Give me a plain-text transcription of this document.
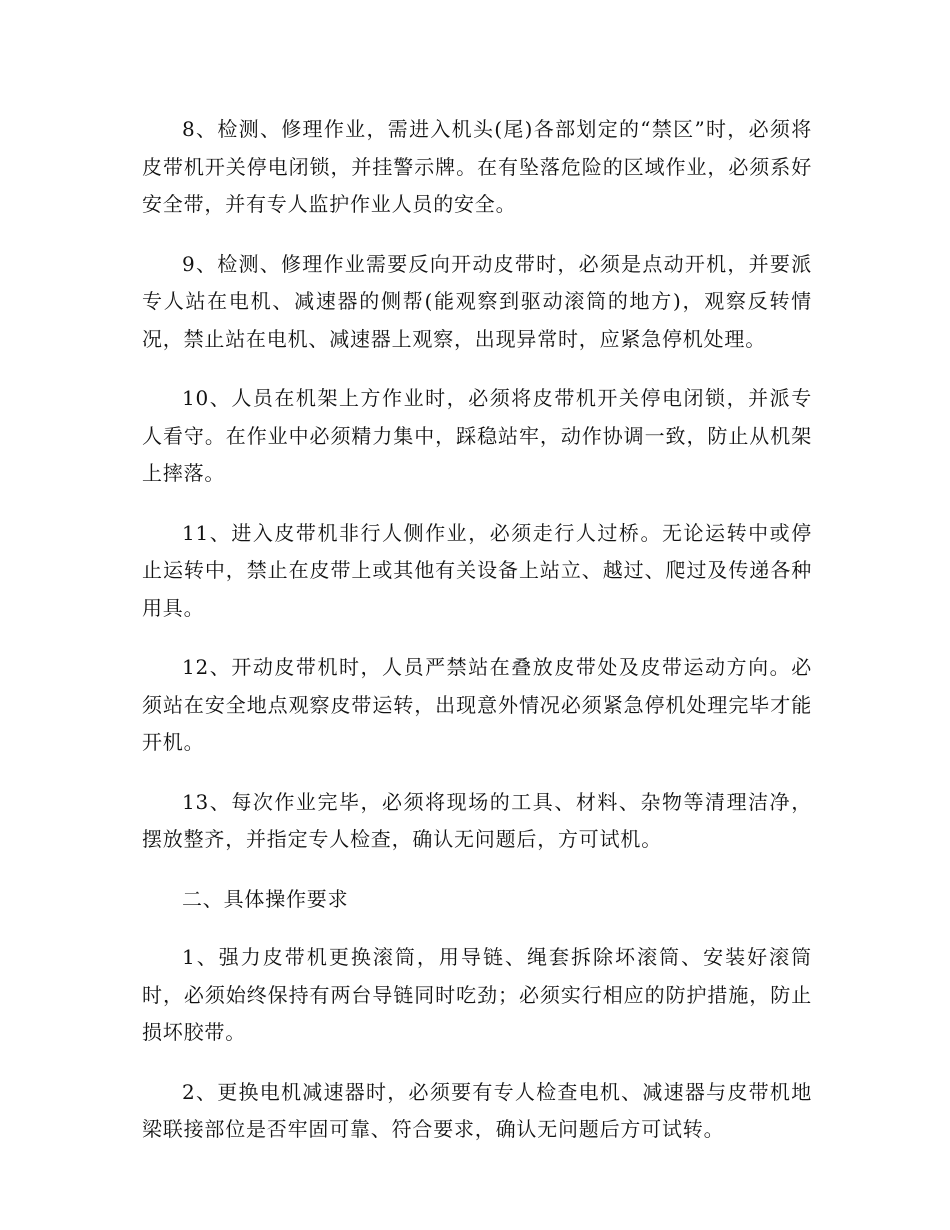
8、检测、修理作业，需进入机头(尾)各部划定的“禁区”时，必须将皮带机开关停电闭锁，并挂警示牌。在有坠落危险的区域作业，必须系好安全带，并有专人监护作业人员的安全。

9、检测、修理作业需要反向开动皮带时，必须是点动开机，并要派专人站在电机、减速器的侧帮(能观察到驱动滚筒的地方)，观察反转情况，禁止站在电机、减速器上观察，出现异常时，应紧急停机处理。

10、人员在机架上方作业时，必须将皮带机开关停电闭锁，并派专人看守。在作业中必须精力集中，踩稳站牢，动作协调一致，防止从机架上摔落。

11、进入皮带机非行人侧作业，必须走行人过桥。无论运转中或停止运转中，禁止在皮带上或其他有关设备上站立、越过、爬过及传递各种用具。

12、开动皮带机时，人员严禁站在叠放皮带处及皮带运动方向。必须站在安全地点观察皮带运转，出现意外情况必须紧急停机处理完毕才能开机。

13、每次作业完毕，必须将现场的工具、材料、杂物等清理洁净，摆放整齐，并指定专人检查，确认无问题后，方可试机。

二、具体操作要求

1、强力皮带机更换滚筒，用导链、绳套拆除坏滚筒、安装好滚筒时，必须始终保持有两台导链同时吃劲；必须实行相应的防护措施，防止损坏胶带。

2、更换电机减速器时，必须要有专人检查电机、减速器与皮带机地梁联接部位是否牢固可靠、符合要求，确认无问题后方可试转。
